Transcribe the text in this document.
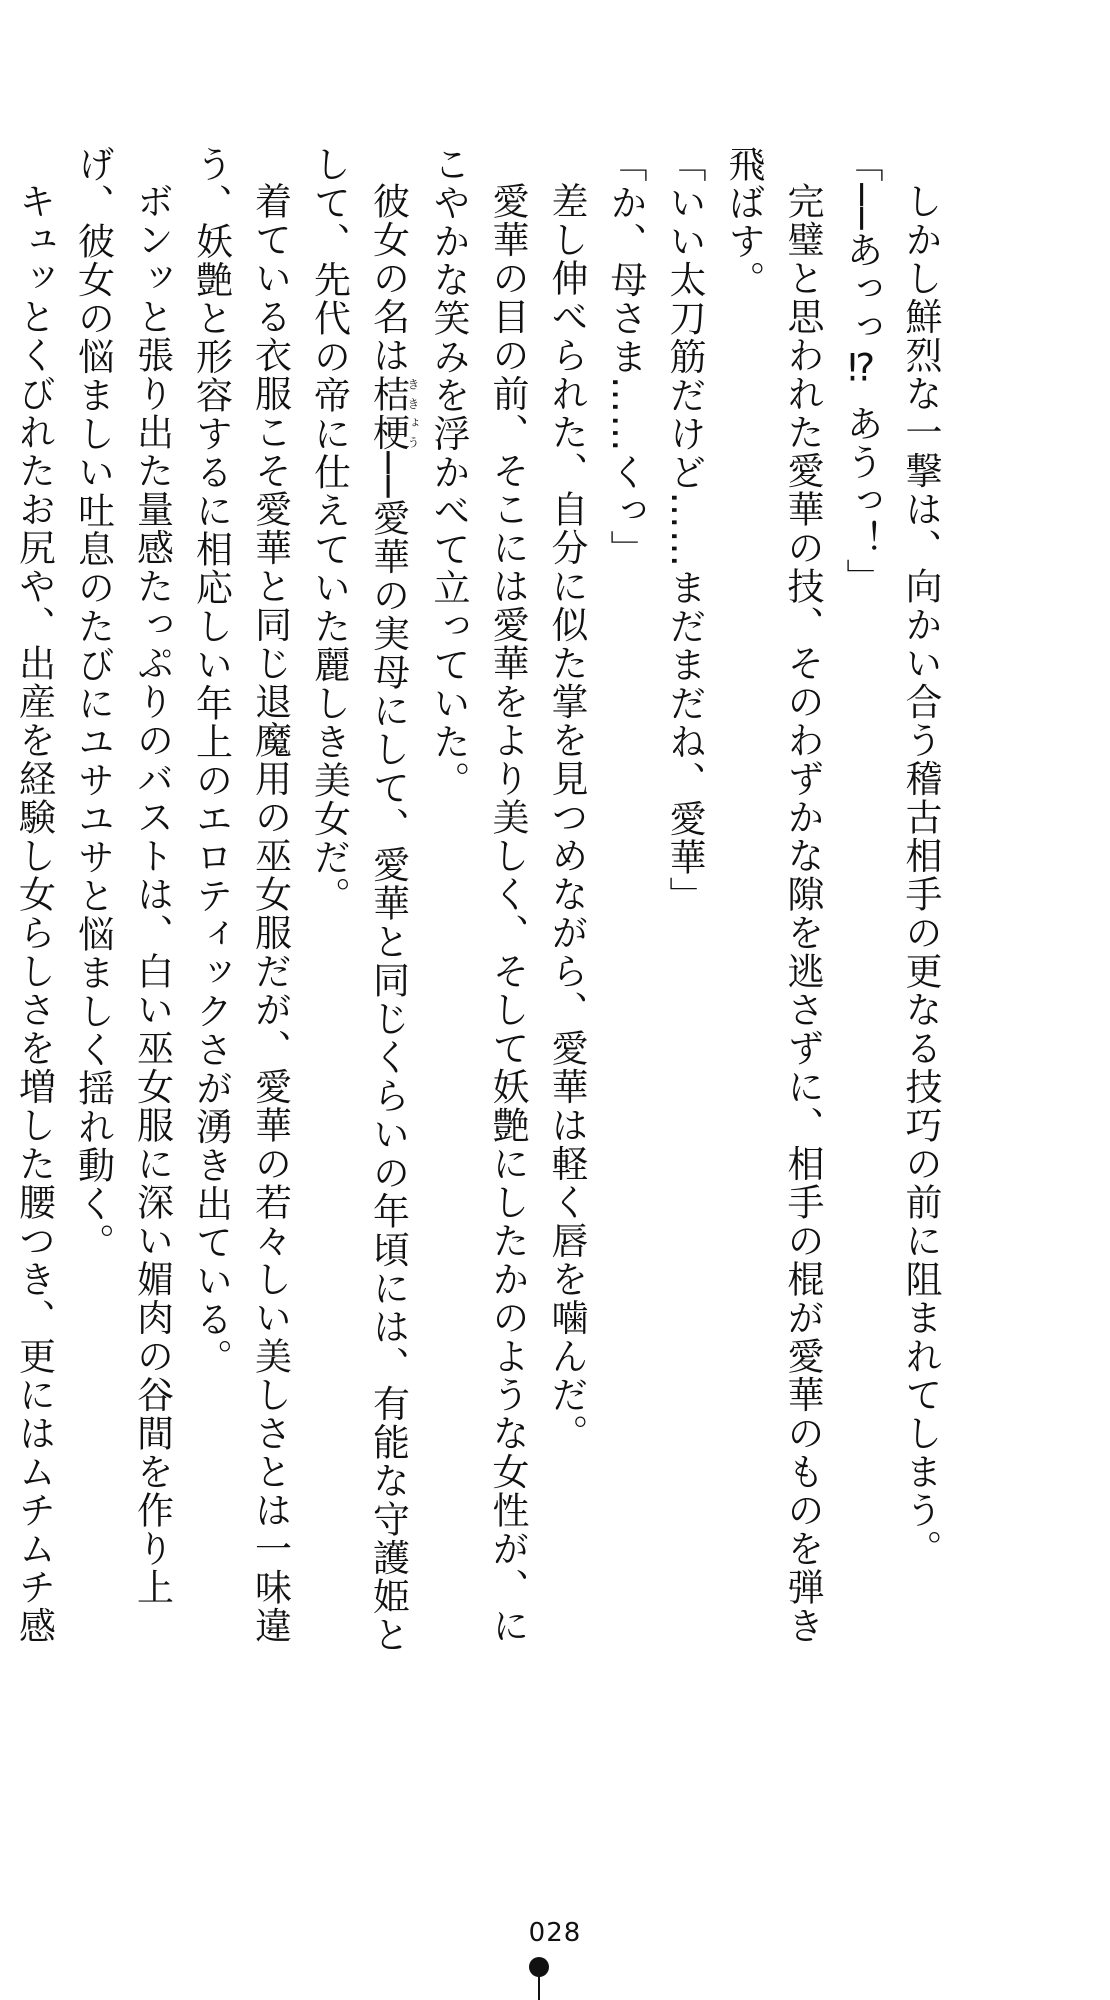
しかし鮮烈な一撃は、向かい合う稽古相手の更なる技巧の前に阻まれてしまう。

「──あっっ⁉ あうっ！」

完璧と思われた愛華の技、そのわずかな隙を逃さずに、相手の棍が愛華のものを弾き飛ばす。

「いい太刀筋だけど……まだまだね、愛華」

「か、母さま……くっ」

差し伸べられた、自分に似た掌を見つめながら、愛華は軽く唇を噛んだ。

愛華の目の前、そこには愛華をより美しく、そして妖艶にしたかのような女性が、にこやかな笑みを浮かべて立っていた。

彼女の名は桔梗ききょう──愛華の実母にして、愛華と同じくらいの年頃には、有能な守護姫として、先代の帝に仕えていた麗しき美女だ。

着ている衣服こそ愛華と同じ退魔用の巫女服だが、愛華の若々しい美しさとは一味違う、妖艶と形容するに相応しい年上のエロティックさが湧き出ている。

ボンッと張り出た量感たっぷりのバストは、白い巫女服に深い媚肉の谷間を作り上げ、彼女の悩ましい吐息のたびにユサユサと悩ましく揺れ動く。

キュッとくびれたお尻や、出産を経験し女らしさを増した腰つき、更にはムチムチ感

028
